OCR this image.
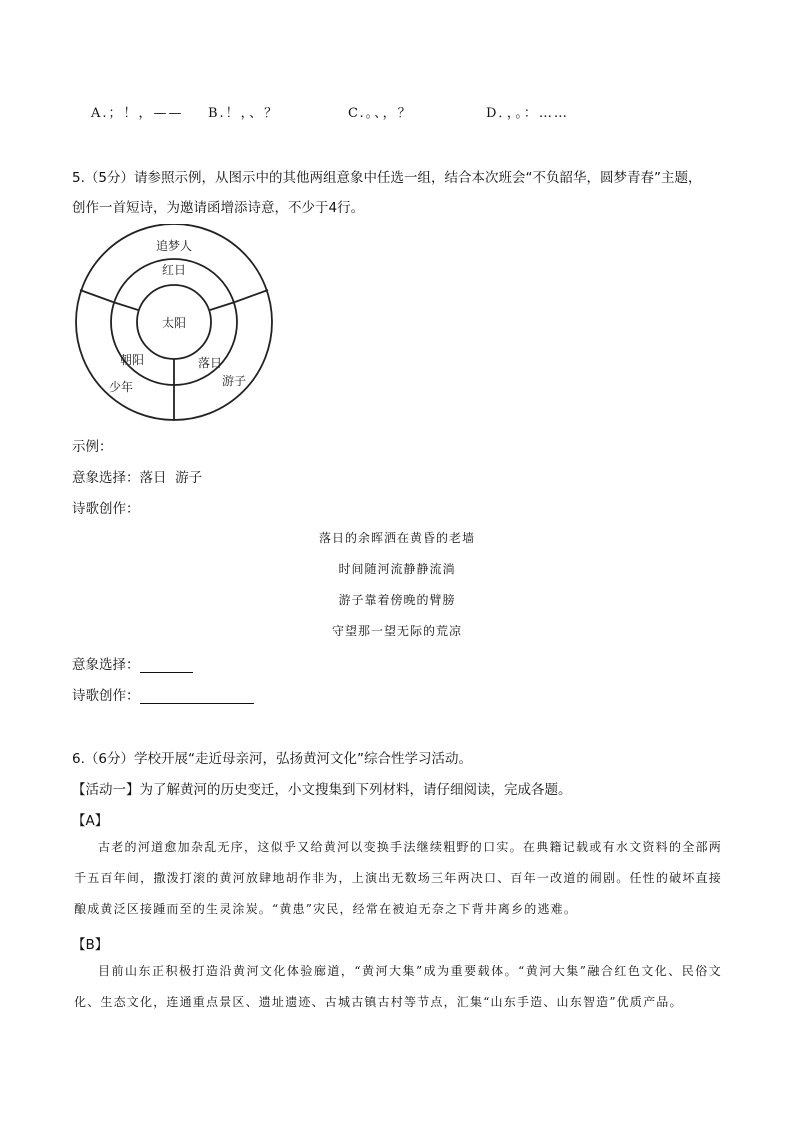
A.；！，—— B.！，、？	C.。、，？	D．，。：……
5.（5分）请参照示例，从图示中的其他两组意象中任选一组，结合本次班会“不负韶华，圆梦青春”主题，
创作一首短诗，为邀请函增添诗意，不少于4行。
追梦人
红日
太阳
朝阳	落日
少年	游子
示例：
意象选择：落日  游子
诗歌创作：
落日的余晖洒在黄昏的老墙
时间随河流静静流淌
游子靠着傍晚的臂膀
守望那一望无际的荒凉
意象选择：
诗歌创作：
6.（6分）学校开展“走近母亲河，弘扬黄河文化”综合性学习活动。
【活动一】为了解黄河的历史变迁，小文搜集到下列材料，请仔细阅读，完成各题。
【A】
古老的河道愈加杂乱无序，这似乎又给黄河以变换手法继续粗野的口实。在典籍记载或有水文资料的全部两千五百年间，撒泼打滚的黄河放肆地胡作非为，上演出无数场三年两决口、百年一改道的闹剧。任性的破坏直接酿成黄泛区接踵而至的生灵涂炭。“黄患”灾民，经常在被迫无奈之下背井离乡的逃难。
【B】
目前山东正积极打造沿黄河文化体验廊道，“黄河大集”成为重要载体。“黄河大集”融合红色文化、民俗文化、生态文化，连通重点景区、遗址遗迹、古城古镇古村等节点，汇集“山东手造、山东智造”优质产品。
